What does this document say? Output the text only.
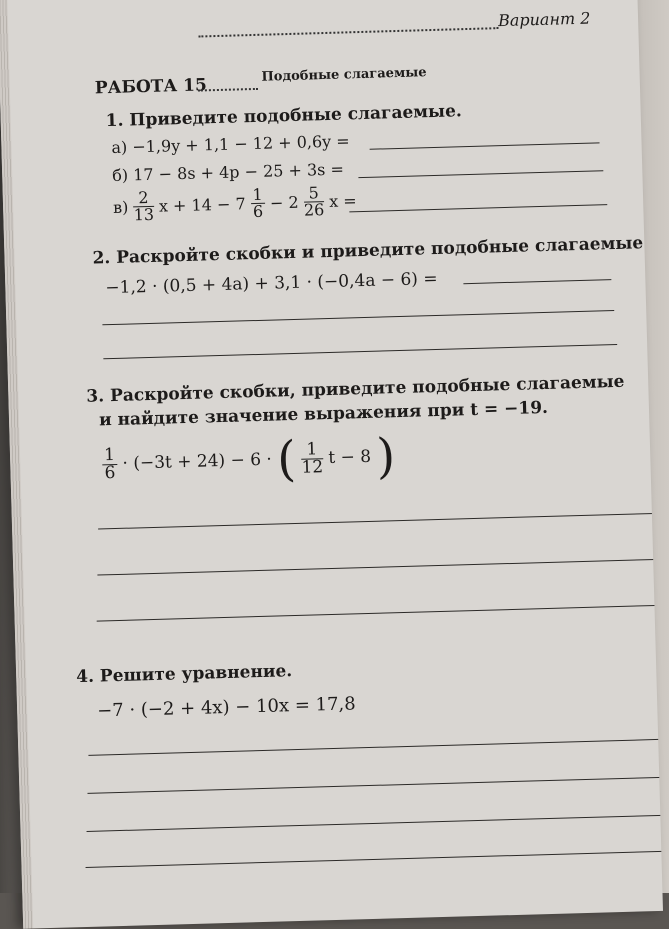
Вариант 2
РАБОТА 15
Подобные слагаемые
1. Приведите подобные слагаемые.
а) −1,9y + 1,1 − 12 + 0,6y =
б) 17 − 8s + 4p − 25 + 3s =
$в) \frac{2}{13}$ $x + 14 - 7 \frac{1}{6} - 2 \frac{5}{26}$ x =
2. Раскройте скобки и приведите подобные слагаемые.
−1,2 · (0,5 + 4a) + 3,1 · (−0,4a − 6) =
3. Раскройте скобки, приведите подобные слагаемые
и найдите значение выражения при t = −19.
$\frac{1}{6} \cdot (-3t + 24) - 6$ · ( $\frac{1}{12}$ t − 8 )
4. Решите уравнение.
−7 · (−2 + 4x) − 10x = 17,8
